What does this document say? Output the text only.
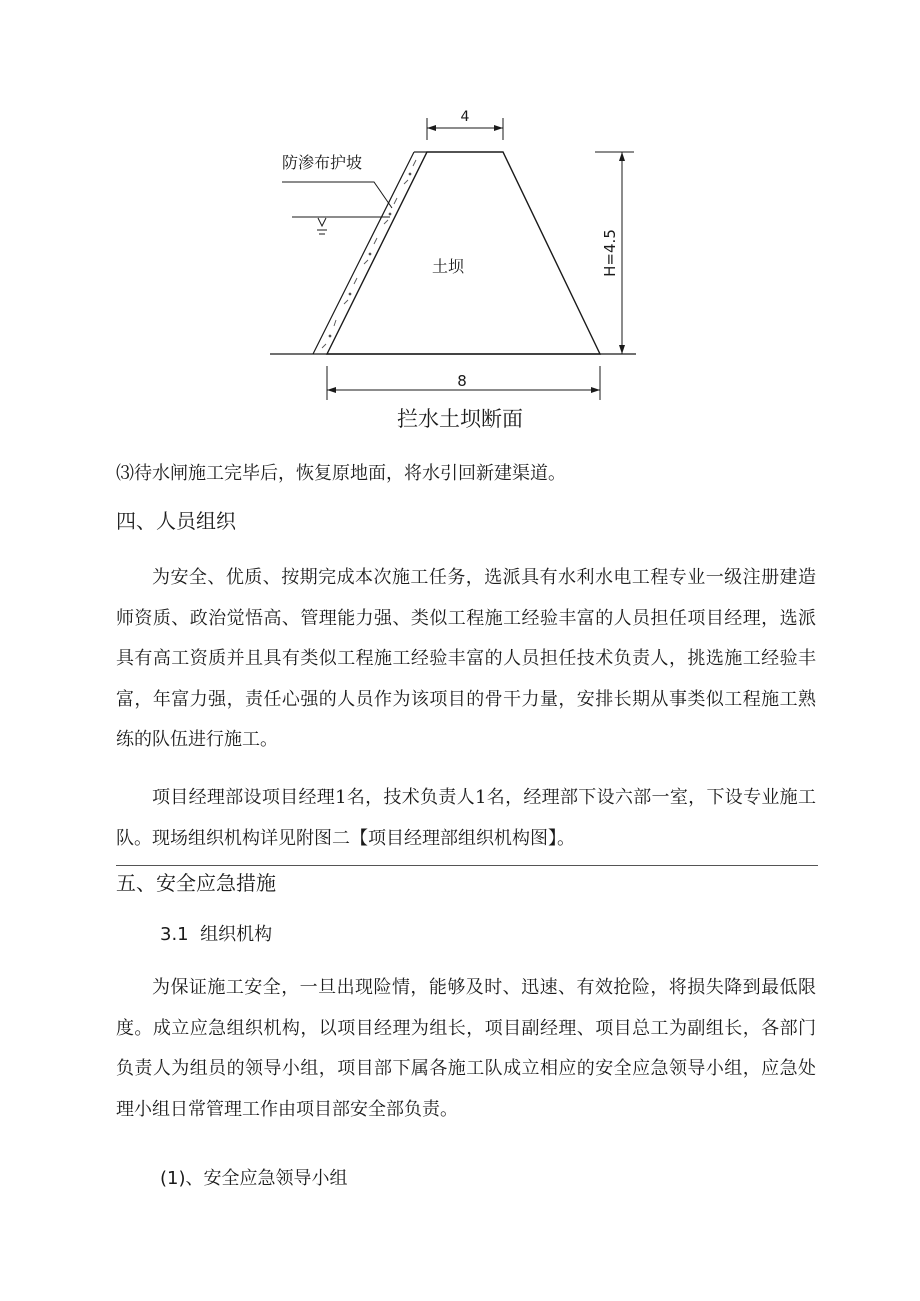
防渗布护坡
土坝
4
H=4.5
8

拦水土坝断面

⑶待水闸施工完毕后，恢复原地面，将水引回新建渠道。

四、人员组织

为安全、优质、按期完成本次施工任务，选派具有水利水电工程专业一级注册建造师资质、政治觉悟高、管理能力强、类似工程施工经验丰富的人员担任项目经理，选派具有高工资质并且具有类似工程施工经验丰富的人员担任技术负责人，挑选施工经验丰富，年富力强，责任心强的人员作为该项目的骨干力量，安排长期从事类似工程施工熟练的队伍进行施工。

项目经理部设项目经理1名，技术负责人1名，经理部下设六部一室，下设专业施工队。现场组织机构详见附图二【项目经理部组织机构图】。

五、安全应急措施

3.1 组织机构

为保证施工安全，一旦出现险情，能够及时、迅速、有效抢险，将损失降到最低限度。成立应急组织机构，以项目经理为组长，项目副经理、项目总工为副组长，各部门负责人为组员的领导小组，项目部下属各施工队成立相应的安全应急领导小组，应急处理小组日常管理工作由项目部安全部负责。

(1)、安全应急领导小组
